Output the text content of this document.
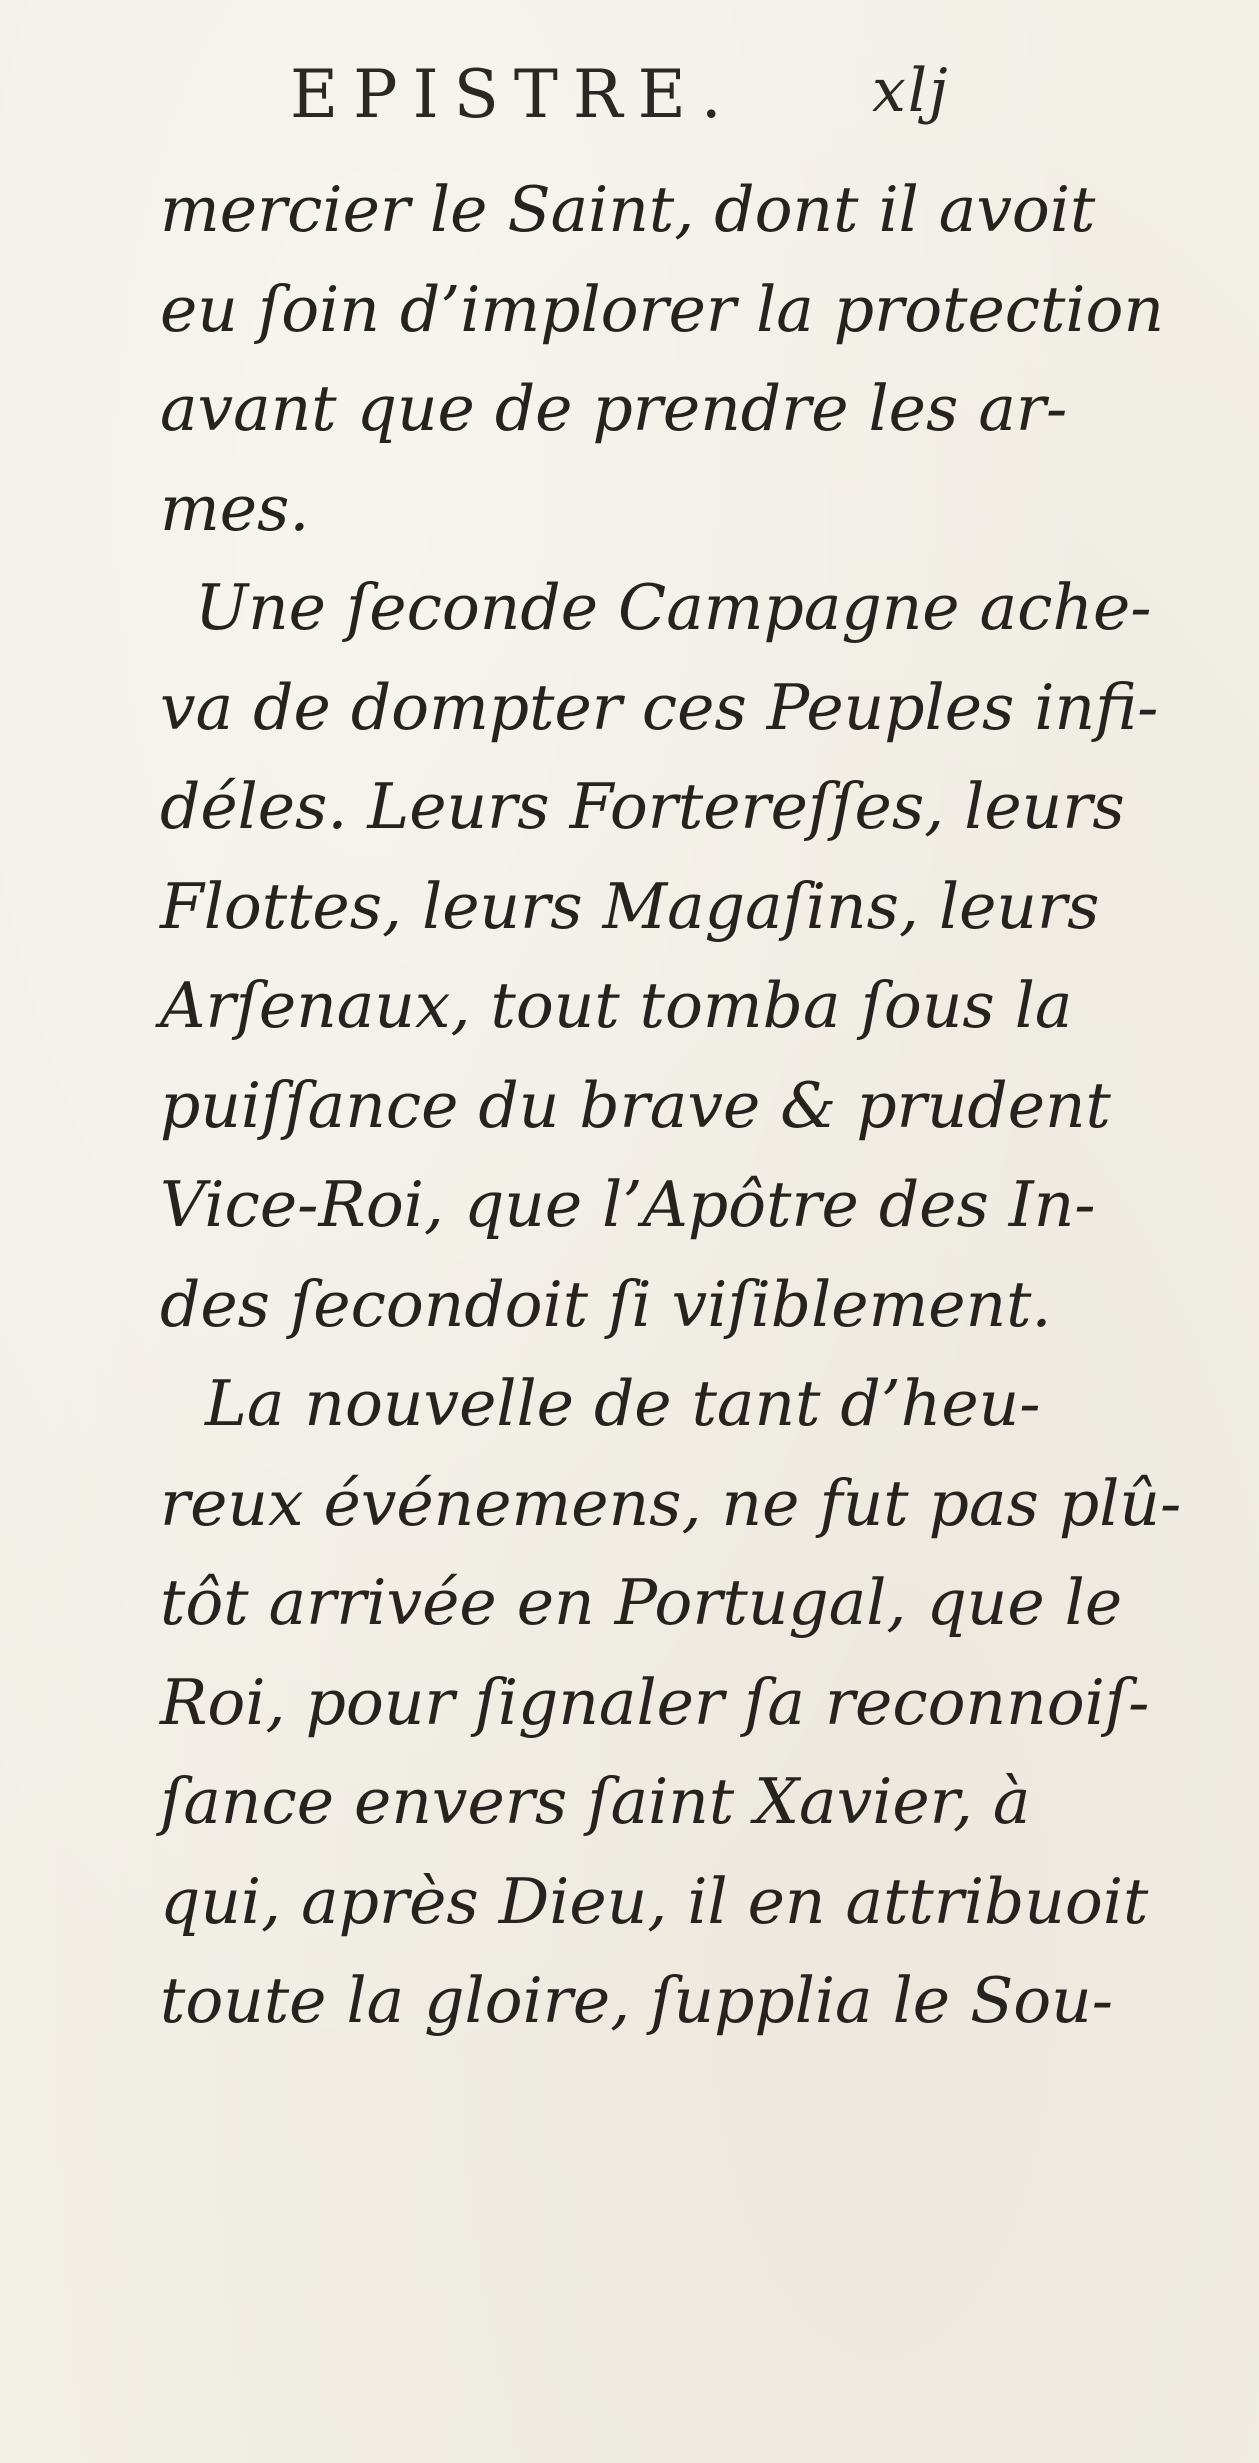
EPISTRE. xlj
mercier le Saint, dont il avoit
eu ſoin d’implorer la protection
avant que de prendre les ar-
mes.
Une ſeconde Campagne ache-
va de dompter ces Peuples infi-
déles. Leurs Fortereſſes, leurs
Flottes, leurs Magaſins, leurs
Arſenaux, tout tomba ſous la
puiſſance du brave & prudent
Vice-Roi, que l’Apôtre des In-
des ſecondoit ſi viſiblement.
La nouvelle de tant d’heu-
reux événemens, ne fut pas plû-
tôt arrivée en Portugal, que le
Roi, pour ſignaler ſa reconnoiſ-
ſance envers ſaint Xavier, à
qui, après Dieu, il en attribuoit
toute la gloire, ſupplia le Sou-
